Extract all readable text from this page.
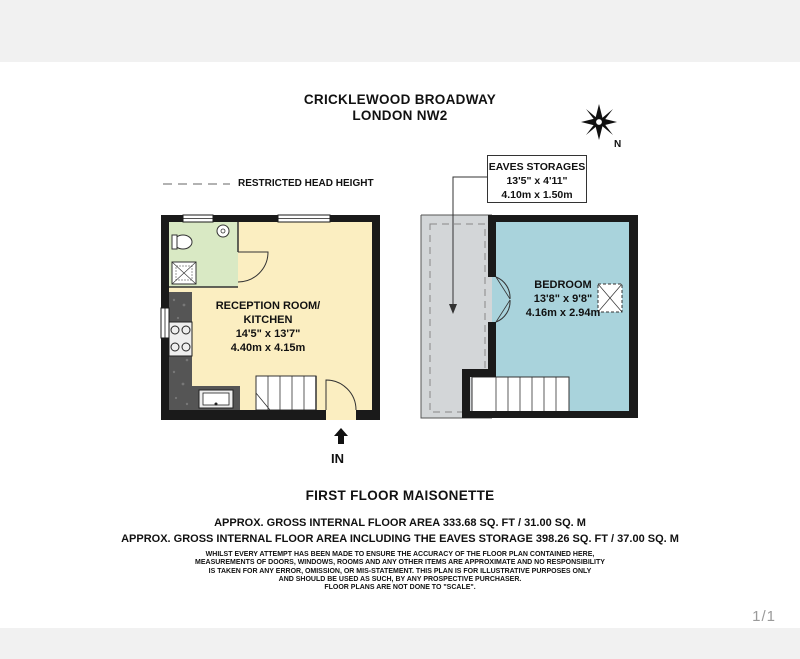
CRICKLEWOOD BROADWAY
LONDON NW2
N
RESTRICTED HEAD HEIGHT
RECEPTION ROOM/
KITCHEN
14'5" x 13'7"
4.40m x 4.15m
IN
EAVES STORAGES
13'5" x 4'11"
4.10m x 1.50m
BEDROOM
13'8" x 9'8"
4.16m x 2.94m
FIRST FLOOR MAISONETTE
APPROX. GROSS INTERNAL FLOOR AREA 333.68 SQ. FT / 31.00 SQ. M
APPROX. GROSS INTERNAL FLOOR AREA INCLUDING THE EAVES STORAGE 398.26 SQ. FT / 37.00 SQ. M
WHILST EVERY ATTEMPT HAS BEEN MADE TO ENSURE THE ACCURACY OF THE FLOOR PLAN CONTAINED HERE,
MEASUREMENTS OF DOORS, WINDOWS, ROOMS AND ANY OTHER ITEMS ARE APPROXIMATE AND NO RESPONSIBILITY
IS TAKEN FOR ANY ERROR, OMISSION, OR MIS-STATEMENT. THIS PLAN IS FOR ILLUSTRATIVE PURPOSES ONLY
AND SHOULD BE USED AS SUCH, BY ANY PROSPECTIVE PURCHASER.
FLOOR PLANS ARE NOT DONE TO "SCALE".
1/1
